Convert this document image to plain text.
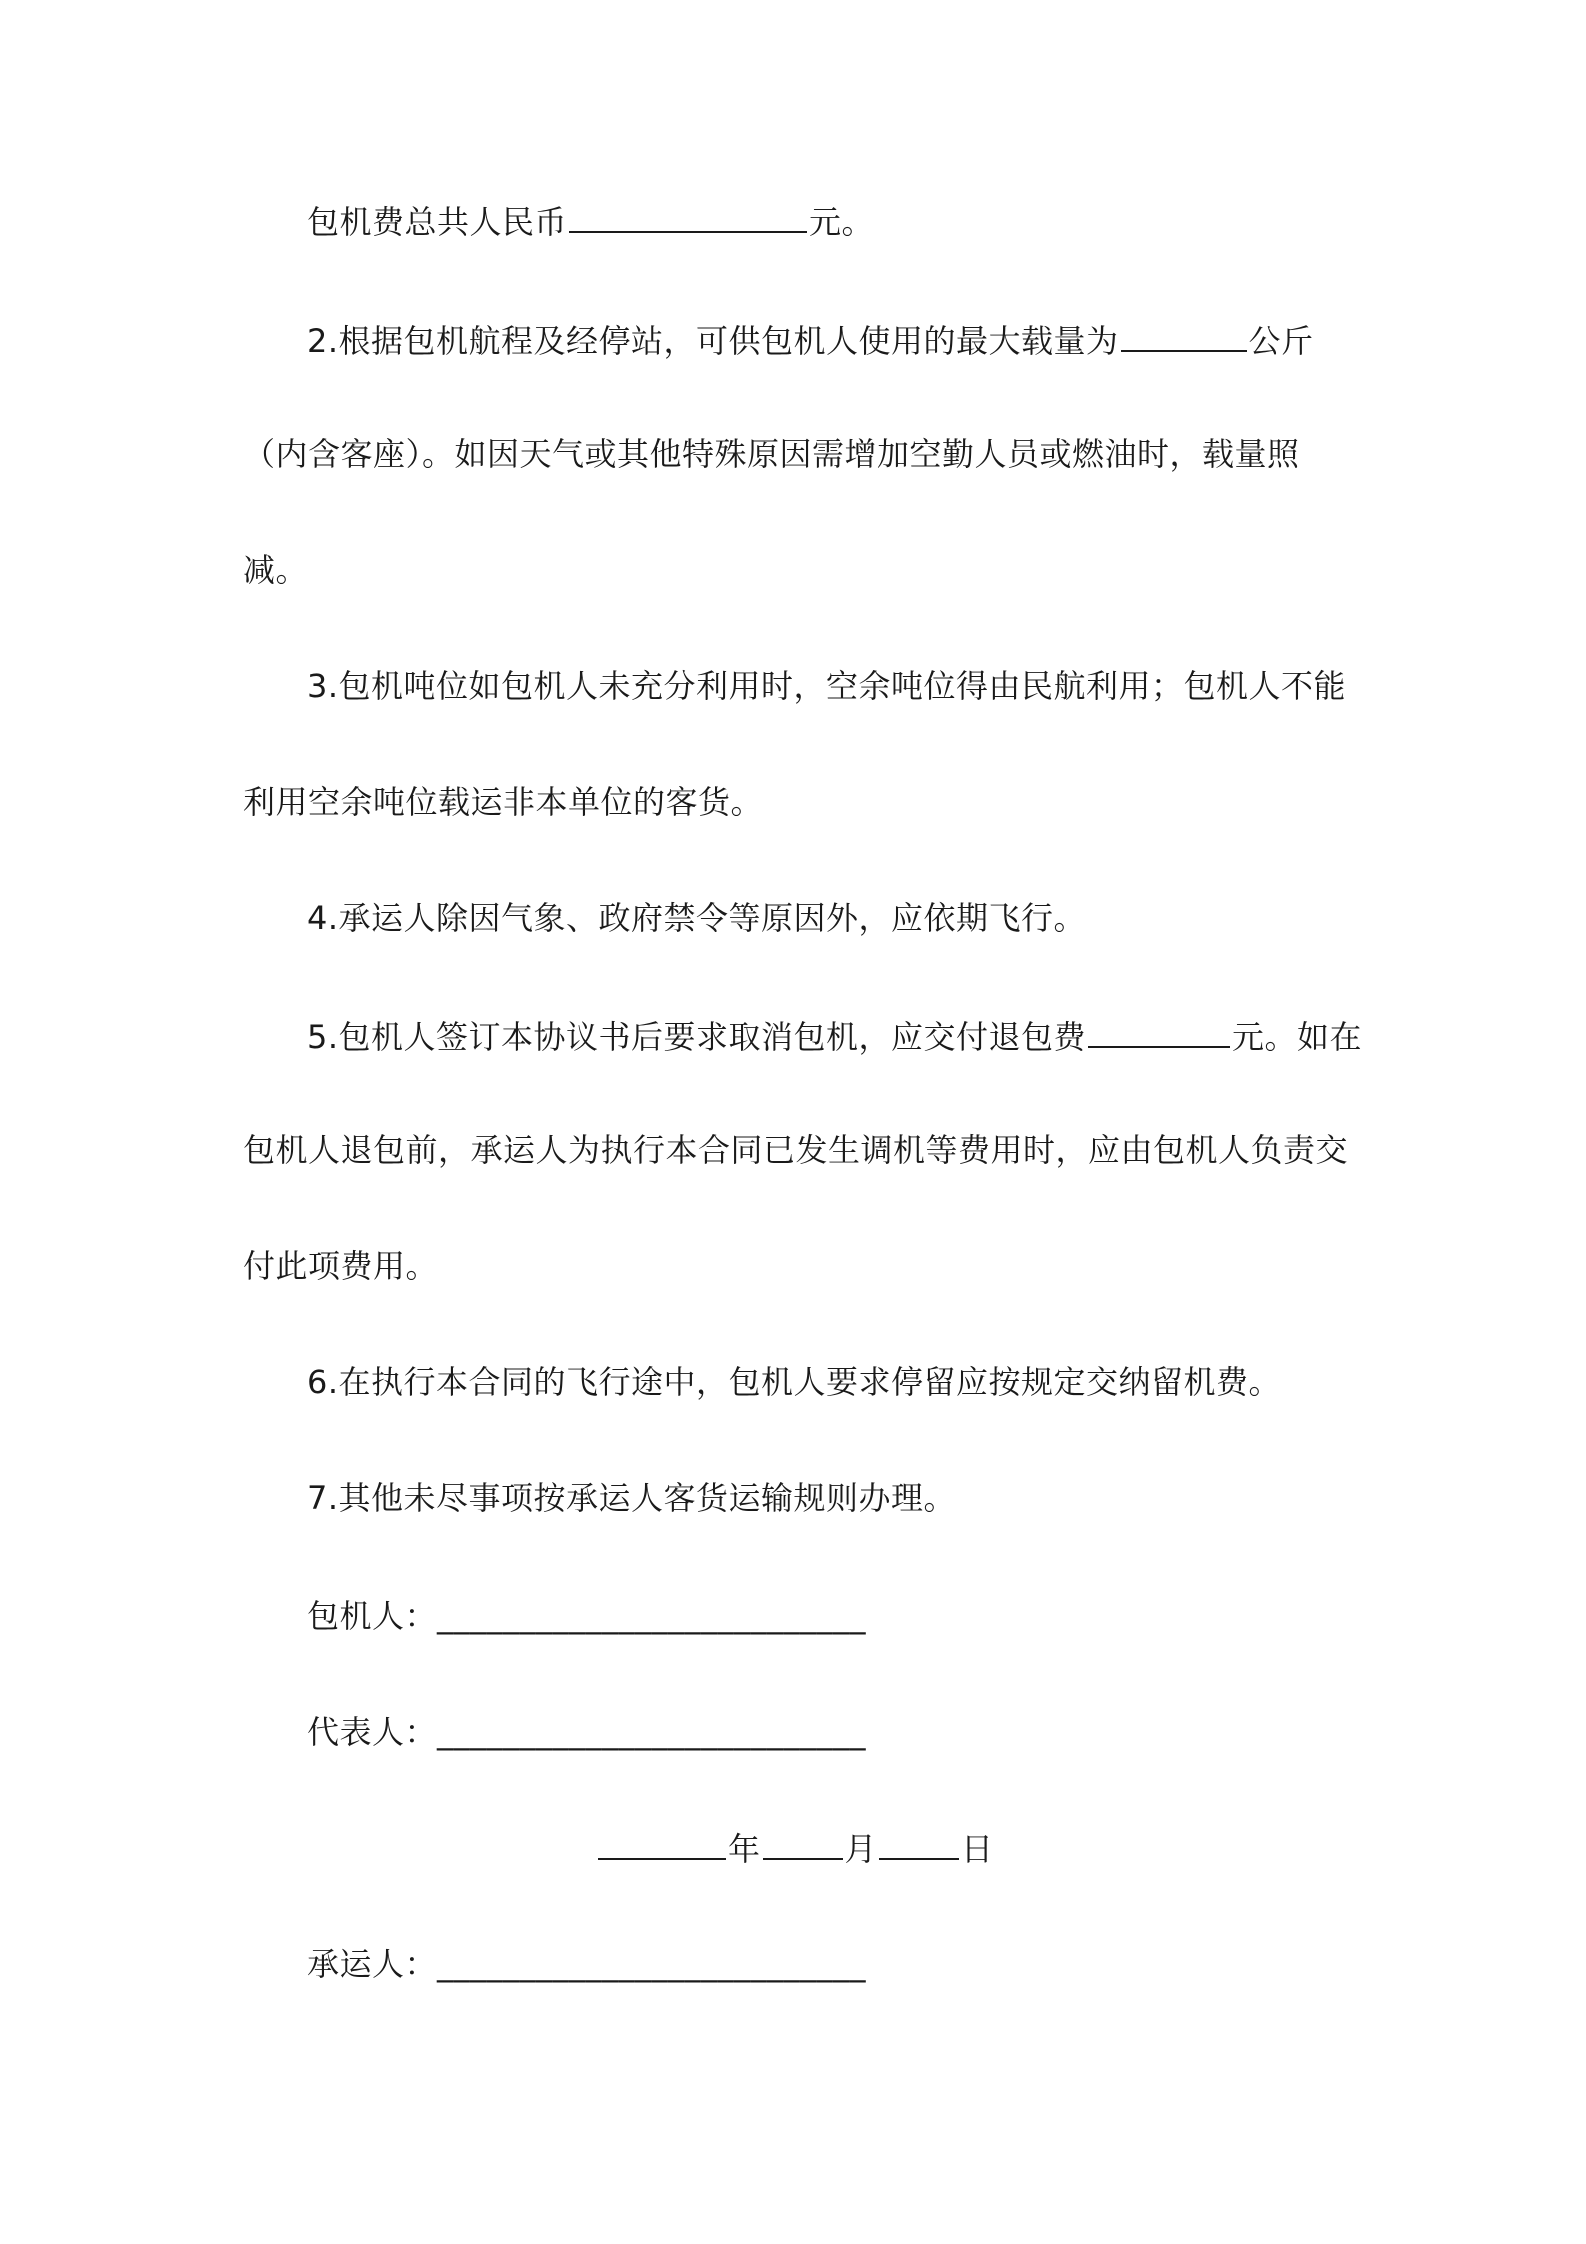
包机费总共人民币	元。
2.根据包机航程及经停站，可供包机人使用的最大载量为	公斤
（内含客座）。如因天气或其他特殊原因需增加空勤人员或燃油时，载量照
减。
3.包机吨位如包机人未充分利用时，空余吨位得由民航利用；包机人不能
利用空余吨位载运非本单位的客货。
4.承运人除因气象、政府禁令等原因外，应依期飞行。
5.包机人签订本协议书后要求取消包机，应交付退包费	元。如在
包机人退包前，承运人为执行本合同已发生调机等费用时，应由包机人负责交
付此项费用。
6.在执行本合同的飞行途中，包机人要求停留应按规定交纳留机费。
7.其他未尽事项按承运人客货运输规则办理。
包机人：__________________________
代表人：__________________________
年	月	日
承运人：__________________________
